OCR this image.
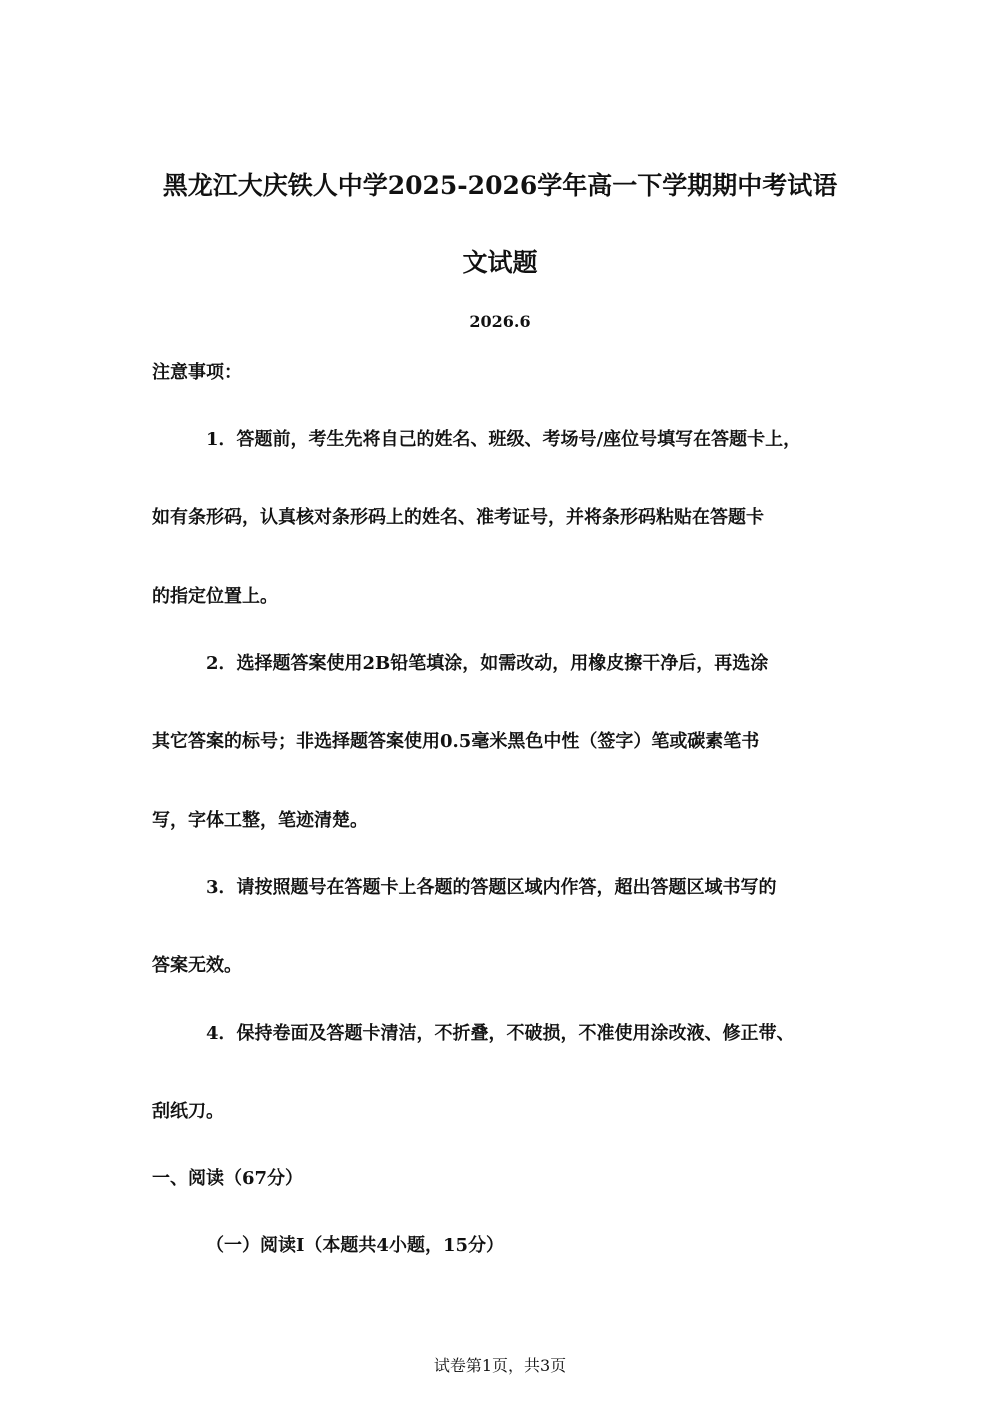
黑龙江大庆铁人中学2025-2026学年高一下学期期中考试语
文试题
2026.6
注意事项：
1．答题前，考生先将自己的姓名、班级、考场号/座位号填写在答题卡上，
如有条形码，认真核对条形码上的姓名、准考证号，并将条形码粘贴在答题卡
的指定位置上。
2．选择题答案使用2B铅笔填涂，如需改动，用橡皮擦干净后，再选涂
其它答案的标号；非选择题答案使用0.5毫米黑色中性（签字）笔或碳素笔书
写，字体工整，笔迹清楚。
3．请按照题号在答题卡上各题的答题区域内作答，超出答题区域书写的
答案无效。
4．保持卷面及答题卡清洁，不折叠，不破损，不准使用涂改液、修正带、
刮纸刀。
一、阅读（67分）
（一）阅读I（本题共4小题，15分）
试卷第1页，共3页
